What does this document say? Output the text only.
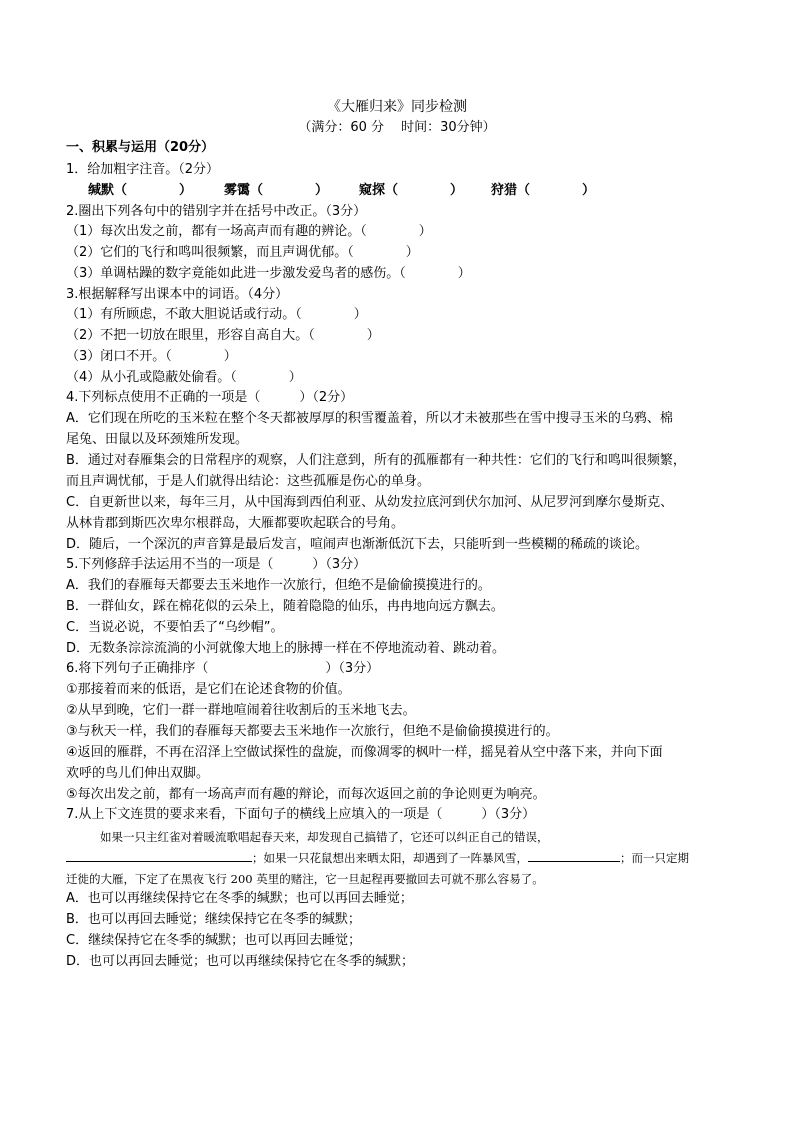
《大雁归来》同步检测
（满分：60 分　 时间：30分钟）
一、积累与运用（20分）
1．给加粗字注音。（2分）
缄默（　　　　） 雾霭（　　　　） 窥探（　　　　） 狩猎（　　　　）
2.圈出下列各句中的错别字并在括号中改正。（3分）
（1）每次出发之前，都有一场高声而有趣的辨论。（　　　　）
（2）它们的飞行和鸣叫很频繁，而且声调优郁。（　　　　）
（3）单调枯躁的数字竟能如此进一步激发爱鸟者的感伤。（　　　　）
3.根据解释写出课本中的词语。（4分）
（1）有所顾虑，不敢大胆说话或行动。（　　　　）
（2）不把一切放在眼里，形容自高自大。（　　　　）
（3）闭口不开。（　　　　）
（4）从小孔或隐蔽处偷看。（　　　　）
4.下列标点使用不正确的一项是（　　　）（2分）
A．它们现在所吃的玉米粒在整个冬天都被厚厚的积雪覆盖着，所以才未被那些在雪中搜寻玉米的乌鸦、棉
尾兔、田鼠以及环颈雉所发现。
B．通过对春雁集会的日常程序的观察，人们注意到，所有的孤雁都有一种共性：它们的飞行和鸣叫很频繁，
而且声调忧郁，于是人们就得出结论：这些孤雁是伤心的单身。
C．自更新世以来，每年三月，从中国海到西伯利亚、从幼发拉底河到伏尔加河、从尼罗河到摩尔曼斯克、
从林肯郡到斯匹次卑尔根群岛，大雁都要吹起联合的号角。
D．随后，一个深沉的声音算是最后发言，喧闹声也渐渐低沉下去，只能听到一些模糊的稀疏的谈论。
5.下列修辞手法运用不当的一项是（　　　）（3分）
A．我们的春雁每天都要去玉米地作一次旅行，但绝不是偷偷摸摸进行的。
B．一群仙女，踩在棉花似的云朵上，随着隐隐的仙乐，冉冉地向远方飘去。
C．当说必说，不要怕丢了“乌纱帽”。
D．无数条淙淙流淌的小河就像大地上的脉搏一样在不停地流动着、跳动着。
6.将下列句子正确排序（　　　　　　　　　）（3分）
①那接着而来的低语，是它们在论述食物的价值。
②从早到晚，它们一群一群地喧闹着往收割后的玉米地飞去。
③与秋天一样，我们的春雁每天都要去玉米地作一次旅行，但绝不是偷偷摸摸进行的。
④返回的雁群，不再在沼泽上空做试探性的盘旋，而像凋零的枫叶一样，摇晃着从空中落下来，并向下面
欢呼的鸟儿们伸出双脚。
⑤每次出发之前，都有一场高声而有趣的辩论，而每次返回之前的争论则更为响亮。
7.从上下文连贯的要求来看，下面句子的横线上应填入的一项是（　　　）（3分）
如果一只主红雀对着暖流歌唱起春天来，却发现自己搞错了，它还可以纠正自己的错误，
；如果一只花鼠想出来晒太阳，却遇到了一阵暴风雪，	；而一只定期
迁徙的大雁，下定了在黑夜飞行 200 英里的赌注，它一旦起程再要撤回去可就不那么容易了。
A．也可以再继续保持它在冬季的缄默；也可以再回去睡觉；
B．也可以再回去睡觉；继续保持它在冬季的缄默；
C．继续保持它在冬季的缄默；也可以再回去睡觉；
D．也可以再回去睡觉；也可以再继续保持它在冬季的缄默；
